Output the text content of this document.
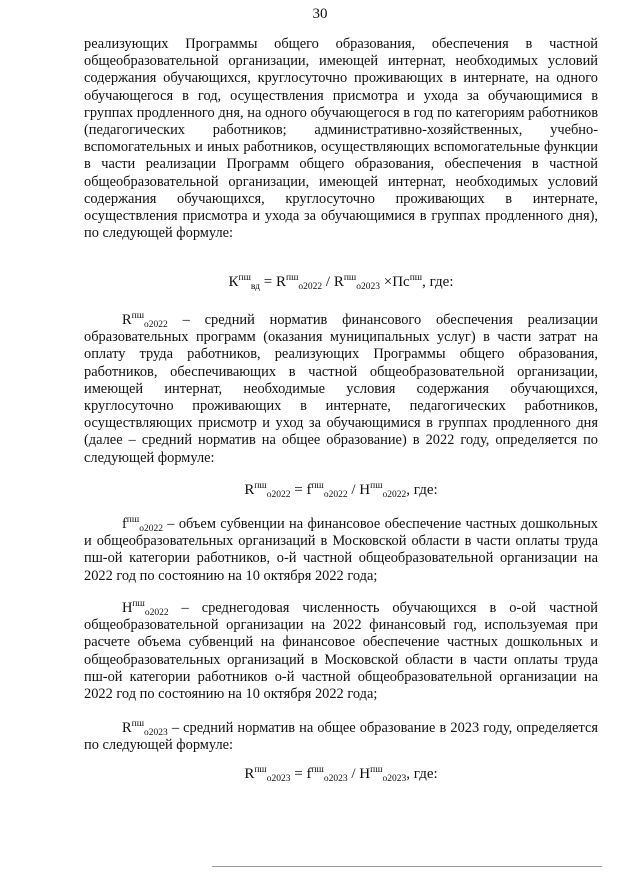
30

реализующих Программы общего образования, обеспечения в частной общеобразовательной организации, имеющей интернат, необходимых условий содержания обучающихся, круглосуточно проживающих в интернате, на одного обучающегося в год, осуществления присмотра и ухода за обучающимися в группах продленного дня, на одного обучающегося в год по категориям работников (педагогических работников; административно-хозяйственных, учебно-вспомогательных и иных работников, осуществляющих вспомогательные функции в части реализации Программ общего образования, обеспечения в частной общеобразовательной организации, имеющей интернат, необходимых условий содержания обучающихся, круглосуточно проживающих в интернате, осуществления присмотра и ухода за обучающимися в группах продленного дня), по следующей формуле:

$К^{пш}_{вд} = R^{пш}_{о2022} / R^{пш}_{о2023} \times Пс^{пш}$, где:

$R^{пш}_{о2022}$ – средний норматив финансового обеспечения реализации образовательных программ (оказания муниципальных услуг) в части затрат на оплату труда работников, реализующих Программы общего образования, работников, обеспечивающих в частной общеобразовательной организации, имеющей интернат, необходимые условия содержания обучающихся, круглосуточно проживающих в интернате, педагогических работников, осуществляющих присмотр и уход за обучающимися в группах продленного дня (далее – средний норматив на общее образование) в 2022 году, определяется по следующей формуле:

$R^{пш}_{о2022} = f^{пш}_{о2022} / Н^{пш}_{о2022}$, где:

$f^{пш}_{о2022}$ – объем субвенции на финансовое обеспечение частных дошкольных и общеобразовательных организаций в Московской области в части оплаты труда пш-ой категории работников, о-й частной общеобразовательной организации на 2022 год по состоянию на 10 октября 2022 года;

$Н^{пш}_{о2022}$ – среднегодовая численность обучающихся в о-ой частной общеобразовательной организации на 2022 финансовый год, используемая при расчете объема субвенций на финансовое обеспечение частных дошкольных и общеобразовательных организаций в Московской области в части оплаты труда пш-ой категории работников о-й частной общеобразовательной организации на 2022 год по состоянию на 10 октября 2022 года;

$R^{пш}_{о2023}$ – средний норматив на общее образование в 2023 году, определяется по следующей формуле:

$R^{пш}_{о2023} = f^{пш}_{о2023} / Н^{пш}_{о2023}$, где:
